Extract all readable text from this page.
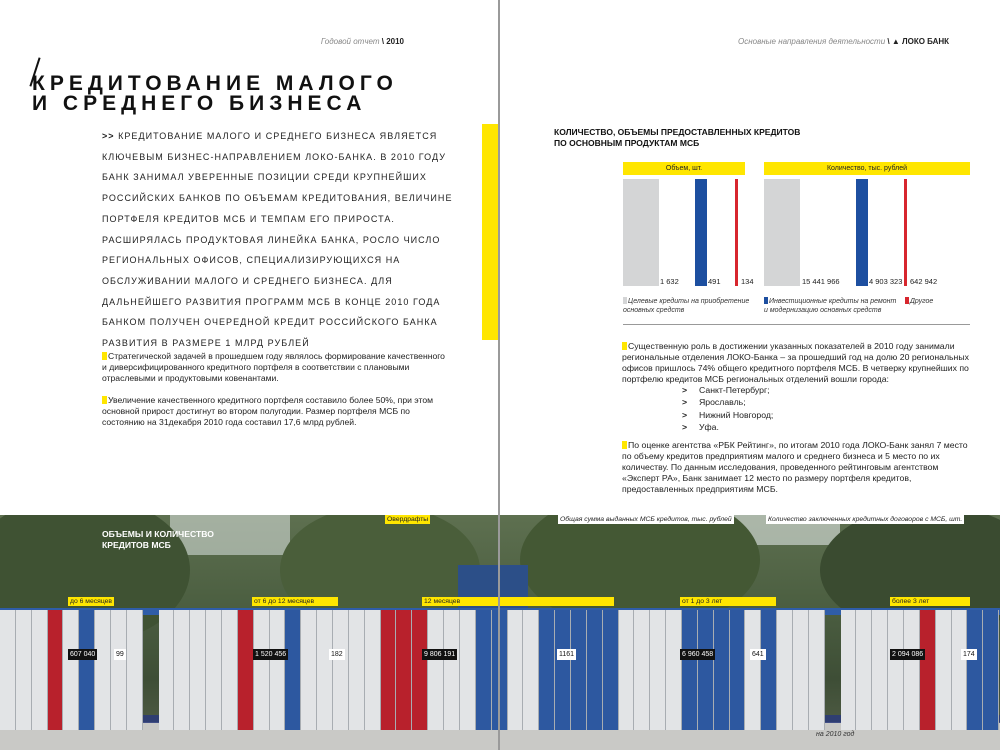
Годовой отчет \ 2010
КРЕДИТОВАНИЕ МАЛОГО
И СРЕДНЕГО БИЗНЕСА
>> КРЕДИТОВАНИЕ МАЛОГО И СРЕДНЕГО БИЗНЕСА ЯВЛЯЕТСЯ КЛЮЧЕВЫМ БИЗНЕС-НАПРАВЛЕНИЕМ ЛОКО-БАНКА. В 2010 ГОДУ БАНК ЗАНИМАЛ УВЕРЕННЫЕ ПОЗИЦИИ СРЕДИ КРУПНЕЙШИХ РОССИЙСКИХ БАНКОВ ПО ОБЪЕМАМ КРЕДИТОВАНИЯ, ВЕЛИЧИНЕ ПОРТФЕЛЯ КРЕДИТОВ МСБ И ТЕМПАМ ЕГО ПРИРОСТА. РАСШИРЯЛАСЬ ПРОДУКТОВАЯ ЛИНЕЙКА БАНКА, РОСЛО ЧИСЛО РЕГИОНАЛЬНЫХ ОФИСОВ, СПЕЦИАЛИЗИРУЮЩИХСЯ НА ОБСЛУЖИВАНИИ МАЛОГО И СРЕДНЕГО БИЗНЕСА. ДЛЯ ДАЛЬНЕЙШЕГО РАЗВИТИЯ ПРОГРАММ МСБ В КОНЦЕ 2010 ГОДА БАНКОМ ПОЛУЧЕН ОЧЕРЕДНОЙ КРЕДИТ РОССИЙСКОГО БАНКА РАЗВИТИЯ В РАЗМЕРЕ 1 МЛРД РУБЛЕЙ

Стратегической задачей в прошедшем году являлось формирование качественного и диверсифицированного кредитного портфеля в соответствии с плановыми отраслевыми и продуктовыми ковенантами.

Увеличение качественного кредитного портфеля составило более 50%, при этом основной прирост достигнут во втором полугодии. Размер портфеля МСБ по состоянию на 31декабря 2010 года составил 17,6 млрд рублей.

Основные направления деятельности \ ▲ ЛОКО БАНК
КОЛИЧЕСТВО, ОБЪЕМЫ ПРЕДОСТАВЛЕННЫХ КРЕДИТОВ
ПО ОСНОВНЫМ ПРОДУКТАМ МСБ
Объем, шт.
1 632	491	134
Количество, тыс. рублей
15 441 966	4 903 323 642 942
Целевые кредиты на приобретение основных средств
Инвестиционные кредиты на ремонт и модернизацию основных средств
Другое

Существенную роль в достижении указанных показателей в 2010 году занимали региональные отделения ЛОКО-Банка – за прошедший год на долю 20 региональных офисов пришлось 74% общего кредитного портфеля МСБ. В четверку крупнейших по портфелю кредитов МСБ региональных отделений вошли города:

> Санкт-Петербург;
> Ярославль;
> Нижний Новгород;
> Уфа.

По оценке агентства «РБК Рейтинг», по итогам 2010 года ЛОКО-Банк занял 7 место по объему кредитов предприятиям малого и среднего бизнеса и 5 место по их количеству. По данным исследования, проведенного рейтинговым агентством «Эксперт РА», Банк занимает 12 место по размеру портфеля кредитов, предоставленных предприятиям МСБ.

ОБЪЕМЫ И КОЛИЧЕСТВО
КРЕДИТОВ МСБ
Овердрафты	Общая сумма выданных МСБ кредитов, тыс. рублей	Количество заключенных кредитных договоров с МСБ, шт.
до 6 месяцев	от 6 до 12 месяцев	12 месяцев	от 1 до 3 лет	более 3 лет
607 040	99	1 520 456	182	9 806 191	1161	6 960 458	641	2 094 086	174
на 2010 год
